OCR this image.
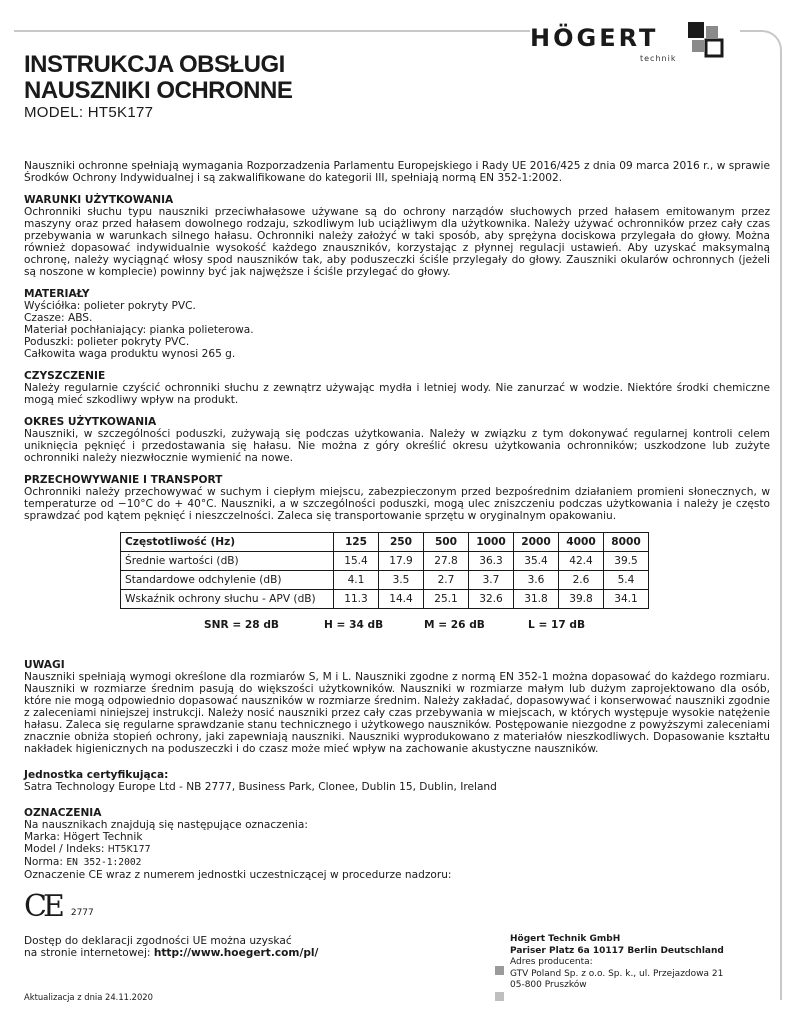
HÖGERT
technik
INSTRUKCJA OBSŁUGI
NAUSZNIKI OCHRONNE
MODEL: HT5K177

Nauszniki ochronne spełniają wymagania Rozporzadzenia Parlamentu Europejskiego i Rady UE 2016/425 z dnia 09 marca 2016 r., w sprawie Środków Ochrony Indywidualnej i są zakwalifikowane do kategorii III, spełniają normą EN 352-1:2002.

WARUNKI UŻYTKOWANIA

Ochronniki słuchu typu nauszniki przeciwhałasowe używane są do ochrony narządów słuchowych przed hałasem emitowanym przez maszyny oraz przed hałasem dowolnego rodzaju, szkodliwym lub uciążliwym dla użytkownika. Należy używać ochronników przez cały czas przebywania w warunkach silnego hałasu. Ochronniki należy założyć w taki sposób, aby sprężyna dociskowa przylegała do głowy. Można również dopasować indywidualnie wysokość każdego znausznikóv, korzystając z płynnej regulacji ustawień. Aby uzyskać maksymalną ochronę, należy wyciągnąć włosy spod nauszników tak, aby poduszeczki ściśle przylegały do głowy. Zauszniki okularów ochronnych (jeżeli są noszone w komplecie) powinny być jak najwęższe i ściśle przylegać do głowy.

MATERIAŁY

Wyściółka: polieter pokryty PVC.

Czasze: ABS.

Materiał pochłaniający: pianka polieterowa.

Poduszki: polieter pokryty PVC.

Całkowita waga produktu wynosi 265 g.

CZYSZCZENIE

Należy regularnie czyścić ochronniki słuchu z zewnątrz używając mydła i letniej wody. Nie zanurzać w wodzie. Niektóre środki chemiczne mogą mieć szkodliwy wpływ na produkt.

OKRES UŻYTKOWANIA

Nauszniki, w szczególności poduszki, zużywają się podczas użytkowania. Należy w związku z tym dokonywać regularnej kontroli celem uniknięcia pęknięć i przedostawania się hałasu. Nie można z góry określić okresu użytkowania ochronników; uszkodzone lub zużyte ochronniki należy niezwłocznie wymienić na nowe.

PRZECHOWYWANIE I TRANSPORT

Ochronniki należy przechowywać w suchym i ciepłym miejscu, zabezpieczonym przed bezpośrednim działaniem promieni słonecznych, w temperaturze od −10°C do + 40°C. Nauszniki, a w szczególności poduszki, mogą ulec zniszczeniu podczas użytkowania i należy je często sprawdzać pod kątem pęknięć i nieszczelności. Zaleca się transportowanie sprzętu w oryginalnym opakowaniu.

Częstotliwość (Hz)	125	250	500	1000	2000	4000	8000
Średnie wartości (dB)	15.4	17.9	27.8	36.3	35.4	42.4	39.5
Standardowe odchylenie (dB)	4.1	3.5	2.7	3.7	3.6	2.6	5.4
Wskaźnik ochrony słuchu - APV (dB)	11.3	14.4	25.1	32.6	31.8	39.8	34.1
SNR = 28 dB	H = 34 dB	M = 26 dB	L = 17 dB
UWAGI

Nauszniki spełniają wymogi określone dla rozmiarów S, M i L. Nauszniki zgodne z normą EN 352-1 można dopasować do każdego rozmiaru. Nauszniki w rozmiarze średnim pasują do większości użytkowników. Nauszniki w rozmiarze małym lub dużym zaprojektowano dla osób, które nie mogą odpowiednio dopasować nauszników w rozmiarze średnim. Należy zakładać, dopasowywać i konserwować nauszniki zgodnie z zaleceniami niniejszej instrukcji. Należy nosić nauszniki przez cały czas przebywania w miejscach, w których występuje wysokie natężenie hałasu. Zaleca się regularne sprawdzanie stanu technicznego i użytkowego nauszników. Postępowanie niezgodne z powyższymi zaleceniami znacznie obniża stopień ochrony, jaki zapewniają nauszniki. Nauszniki wyprodukowano z materiałów nieszkodliwych. Dopasowanie kształtu nakładek higienicznych na poduszeczki i do czasz może mieć wpływ na zachowanie akustyczne nauszników.

Jednostka certyfikująca:

Satra Technology Europe Ltd - NB 2777, Business Park, Clonee, Dublin 15, Dublin, Ireland

OZNACZENIA

Na nausznikach znajdują się następujące oznaczenia:

Marka: Högert Technik

Model / Indeks: HT5K177

Norma: EN 352-1:2002

Oznaczenie CE wraz z numerem jednostki uczestniczącej w procedurze nadzoru:

CE 2777

Dostęp do deklaracji zgodności UE można uzyskać

na stronie internetowej: http://www.hoegert.com/pl/

Högert Technik GmbH
Pariser Platz 6a 10117 Berlin Deutschland
Adres producenta:
GTV Poland Sp. z o.o. Sp. k., ul. Przejazdowa 21
05-800 Pruszków
Aktualizacja z dnia 24.11.2020
